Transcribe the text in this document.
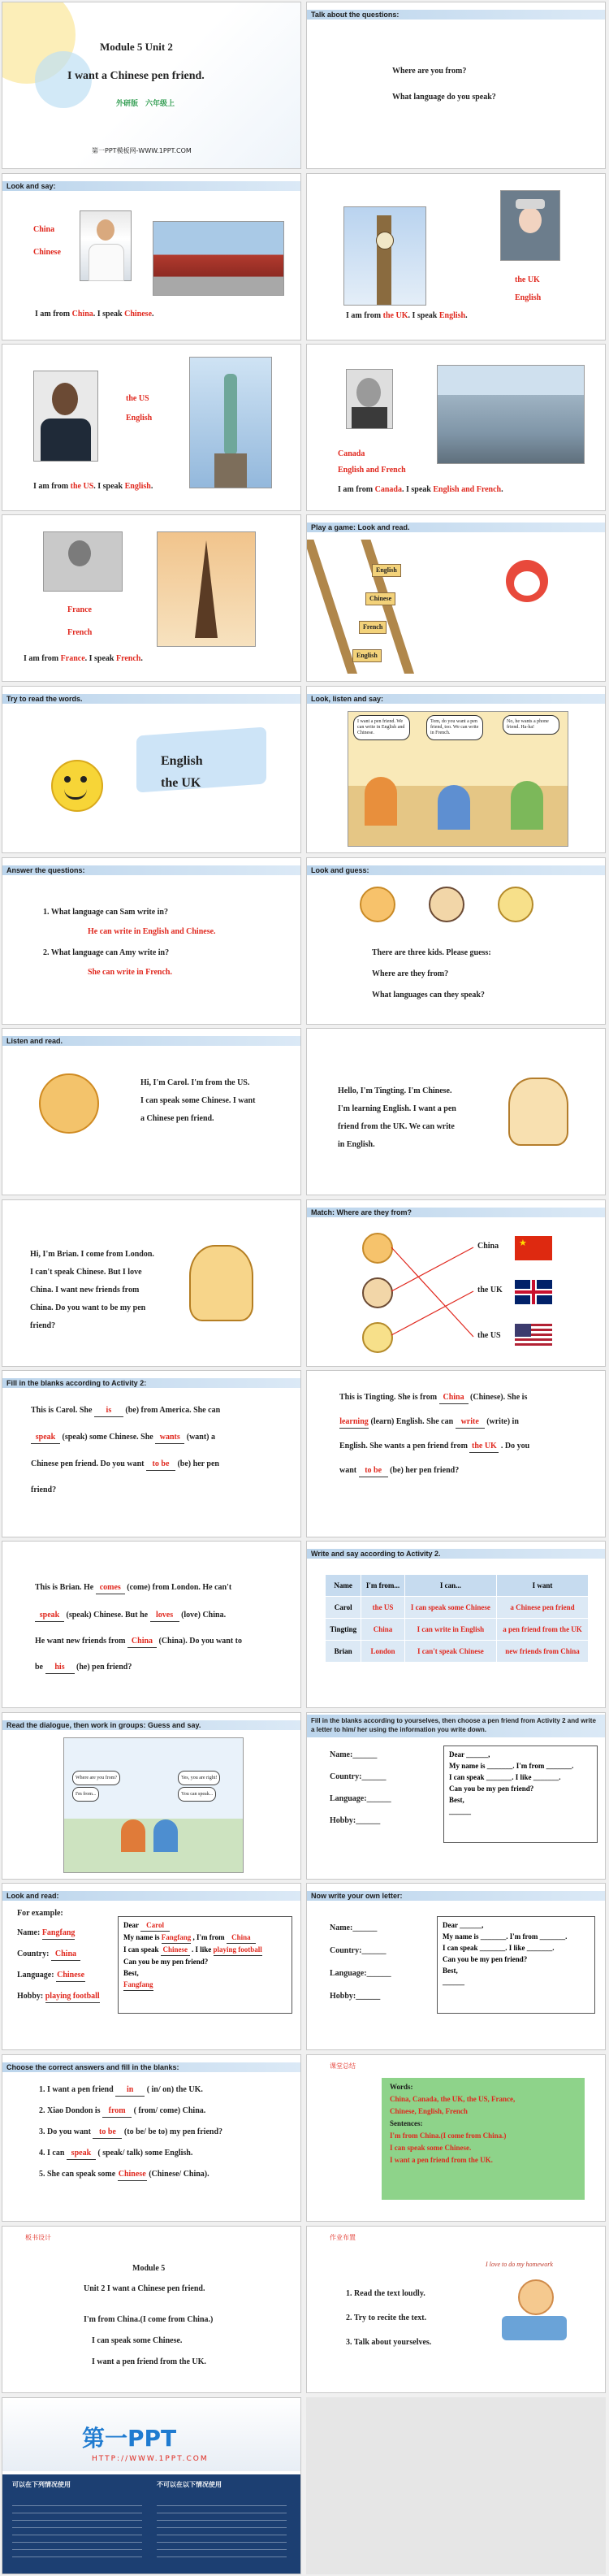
Module 5 Unit 2
I want a Chinese pen friend.
外研版　六年级上
第一PPT模板网-WWW.1PPT.COM
Talk about the questions:
Where are you from?
What language do you speak?
Look and say:
China
Chinese
I am from China. I speak Chinese.
the UK
English
I am from the UK. I speak English.
the US
English
I am from the US. I speak English.
Canada
English and French
I am from Canada. I speak English and French.
France
French
I am from France. I speak French.
Play a game: Look and read.
English
Chinese
French
English
Try to read the words.
English
the UK
Look, listen and say:
I want a pen friend. We can write in English and Chinese.
Tom, do you want a pen friend, too. We can write in French.
No, he wants a phone friend. Ha-ha!
Answer the questions:
1. What language can Sam write in?
He can write in English and Chinese.
2. What language can Amy write in?
She can write in French.
Look and guess:
There are three kids. Please guess:
Where are they from?
What languages can they speak?
Listen and read.
Hi, I'm Carol. I'm from the US.
I can speak some Chinese. I want
a Chinese pen friend.
Hello, I'm Tingting. I'm Chinese.
I'm learning English. I want a pen
friend from the UK. We can write
in English.
Hi, I'm Brian. I come from London.
I can't speak Chinese. But I love
China. I want new friends from
China. Do you want to be my pen
friend?
Match: Where are they from?
China
the UK
the US
★
Fill in the blanks according to Activity 2:
This is Carol. She is (be) from America. She can
speak (speak) some Chinese. She wants (want) a
Chinese pen friend. Do you want to be (be) her pen
friend?
This is Tingting. She is from China (Chinese). She is
learning (learn) English. She can write (write) in
English. She wants a pen friend from the UK . Do you
want to be (be) her pen friend?
This is Brian. He comes (come) from London. He can't
speak (speak) Chinese. But he loves (love) China.
He want new friends from China (China). Do you want to
be his (he) pen friend?
Write and say according to Activity 2.
Name	I'm from...	I can...	I want
Carol	the US	I can speak some Chinese	a Chinese pen friend
Tingting	China	I can write in English	a pen friend from the UK
Brian	London	I can't speak Chinese	new friends from China
Read the dialogue, then work in groups: Guess and say.
Where are you from?
I'm from...
Yes, you are right!
You can speak...
Fill in the blanks according to yourselves, then choose a pen friend from Activity 2 and write a letter to him/ her using the information you write down.
Name:______
Country:______
Language:______
Hobby:______
Dear ______,
My name is _______. I'm from _______.
I can speak _______. I like _______.
Can you be my pen friend?
Best,
______
Look and read:
For example:
Name: Fangfang
Country: China
Language: Chinese
Hobby: playing football
Dear Carol
My name is Fangfang , I'm from China
I can speak Chinese . I like playing football
Can you be my pen friend?
Best,
Fangfang
Now write your own letter:
Name:______
Country:______
Language:______
Hobby:______
Dear ______,
My name is _______. I'm from _______.
I can speak _______. I like _______.
Can you be my pen friend?
Best,
______
Choose the correct answers and fill in the blanks:
1. I want a pen friend in ( in/ on) the UK.
2. Xiao Dondon is from ( from/ come) China.
3. Do you want to be (to be/ be to) my pen friend?
4. I can speak ( speak/ talk) some English.
5. She can speak some Chinese (Chinese/ China).
课堂总结
Words:
China, Canada, the UK, the US, France,
Chinese, English, French
Sentences:
I'm from China.(I come from China.)
I can speak some Chinese.
I want a pen friend from the UK.
板书设计
Module 5
Unit 2 I want a Chinese pen friend.
I'm from China.(I come from China.)
I can speak some Chinese.
I want a pen friend from the UK.
作业布置
1. Read the text loudly.
2. Try to recite the text.
3. Talk about yourselves.
I love to do my homework
第一PPT
HTTP://WWW.1PPT.COM
可以在下列情况使用	不可以在以下情况使用
